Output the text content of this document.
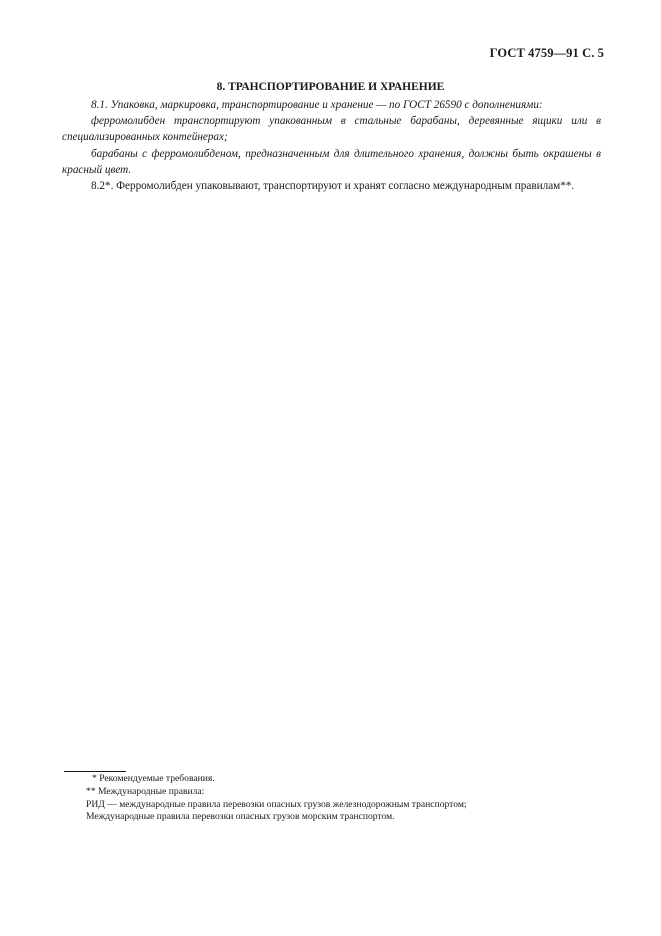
ГОСТ 4759—91 С. 5
8. ТРАНСПОРТИРОВАНИЕ И ХРАНЕНИЕ

8.1. Упаковка, маркировка, транспортирование и хранение — по ГОСТ 26590 с дополнениями:

ферромолибден транспортируют упакованным в стальные барабаны, деревянные ящики или в специализированных контейнерах;

барабаны с ферромолибденом, предназначенным для длительного хранения, должны быть окрашены в красный цвет.

8.2*. Ферромолибден упаковывают, транспортируют и хранят согласно международным правилам**.

* Рекомендуемые требования.

** Международные правила:

РИД — международные правила перевозки опасных грузов железнодорожным транспортом;

Международные правила перевозки опасных грузов морским транспортом.
